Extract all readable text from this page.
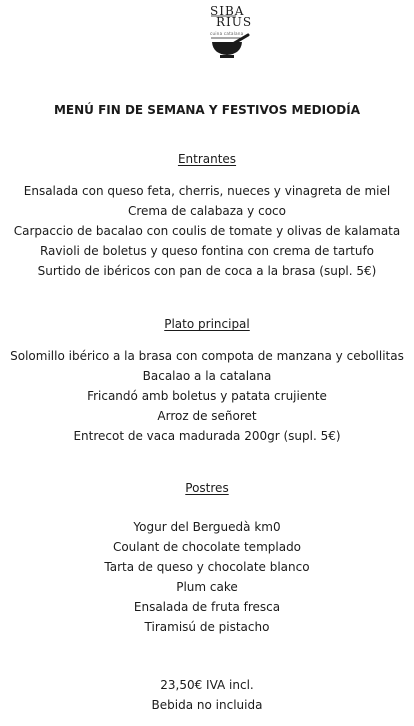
SIBA
RIUS
cuina catalana
MENÚ FIN DE SEMANA Y FESTIVOS MEDIODÍA
Entrantes
Ensalada con queso feta, cherris, nueces y vinagreta de miel
Crema de calabaza y coco
Carpaccio de bacalao con coulis de tomate y olivas de kalamata
Ravioli de boletus y queso fontina con crema de tartufo
Surtido de ibéricos con pan de coca a la brasa (supl. 5€)
Plato principal
Solomillo ibérico a la brasa con compota de manzana y cebollitas
Bacalao a la catalana
Fricandó amb boletus y patata crujiente
Arroz de señoret
Entrecot de vaca madurada 200gr (supl. 5€)
Postres
Yogur del Berguedà km0
Coulant de chocolate templado
Tarta de queso y chocolate blanco
Plum cake
Ensalada de fruta fresca
Tiramisú de pistacho
23,50€ IVA incl.
Bebida no incluida
